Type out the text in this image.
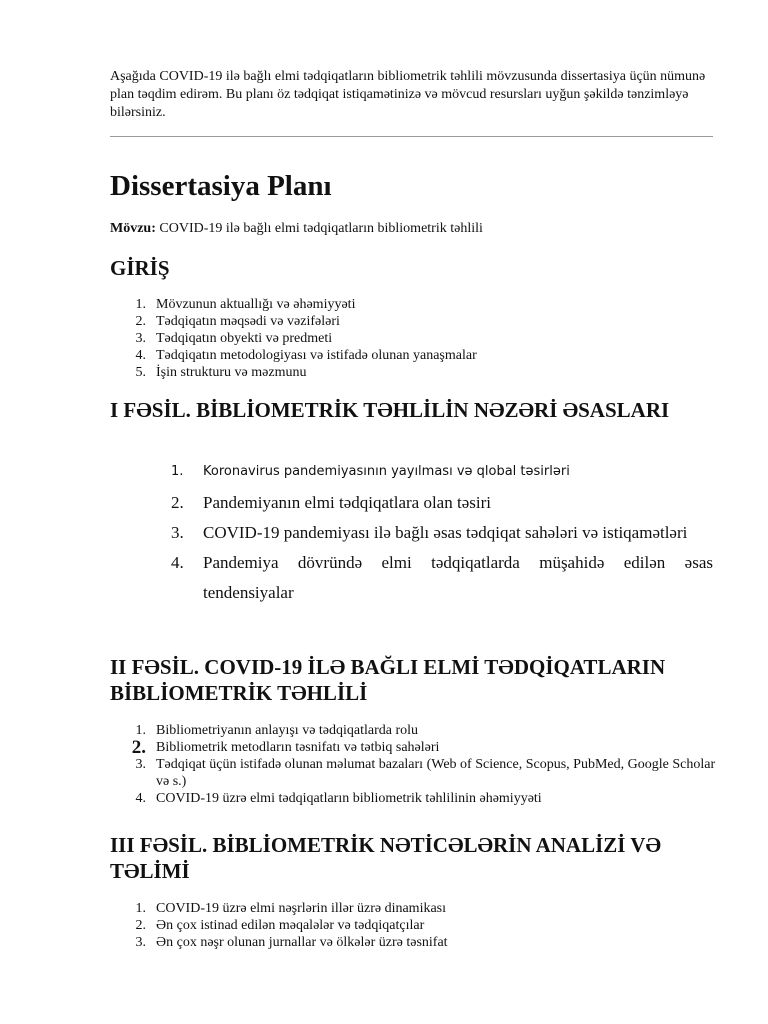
Aşağıda COVID-19 ilə bağlı elmi tədqiqatların bibliometrik təhlili mövzusunda dissertasiya üçün nümunə plan təqdim edirəm. Bu planı öz tədqiqat istiqamətinizə və mövcud resursları uyğun şəkildə tənzimləyə bilərsiniz.

Dissertasiya Planı

Mövzu: COVID-19 ilə bağlı elmi tədqiqatların bibliometrik təhlili

GİRİŞ
1. Mövzunun aktuallığı və əhəmiyyəti
2. Tədqiqatın məqsədi və vəzifələri
3. Tədqiqatın obyekti və predmeti
4. Tədqiqatın metodologiyası və istifadə olunan yanaşmalar
5. İşin strukturu və məzmunu
I FƏSİL. BİBLİOMETRİK TƏHLİLİN NƏZƏRİ ƏSASLARI
1.	Koronavirus pandemiyasının yayılması və qlobal təsirləri
2.	Pandemiyanın elmi tədqiqatlara olan təsiri
3.	COVID-19 pandemiyası ilə bağlı əsas tədqiqat sahələri və istiqamətləri
4.	Pandemiya dövründə elmi tədqiqatlarda müşahidə edilən əsas tendensiyalar
II FƏSİL. COVID-19 İLƏ BAĞLI ELMİ TƏDQİQATLARIN BİBLİOMETRİK TƏHLİLİ
1. Bibliometriyanın anlayışı və tədqiqatlarda rolu
2. Bibliometrik metodların təsnifatı və tətbiq sahələri
3. Tədqiqat üçün istifadə olunan məlumat bazaları (Web of Science, Scopus, PubMed, Google Scholar və s.)
4. COVID-19 üzrə elmi tədqiqatların bibliometrik təhlilinin əhəmiyyəti
III FƏSİL. BİBLİOMETRİK NƏTİCƏLƏRİN ANALİZİ VƏ TƏLİMİ
1. COVID-19 üzrə elmi nəşrlərin illər üzrə dinamikası
2. Ən çox istinad edilən məqalələr və tədqiqatçılar
3. Ən çox nəşr olunan jurnallar və ölkələr üzrə təsnifat
